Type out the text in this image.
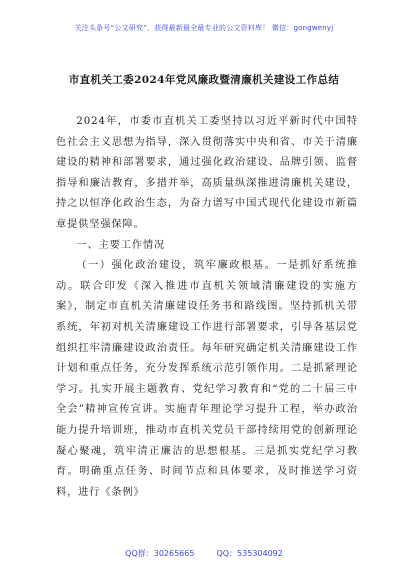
关注头条号“公文研究”，获得最新最全最专业的公文资料库！ 微信：gongwenyj
市直机关工委2024年党风廉政暨清廉机关建设工作总结

2024年，市委市直机关工委坚持以习近平新时代中国特色社会主义思想为指导，深入贯彻落实中央和省、市关于清廉建设的精神和部署要求，通过强化政治建设、品牌引领、监督指导和廉洁教育，多措并举，高质量纵深推进清廉机关建设，持之以恒净化政治生态，为奋力谱写中国式现代化建设市新篇章提供坚强保障。

一、主要工作情况

（一）强化政治建设，筑牢廉政根基。一是抓好系统推动。联合印发《深入推进市直机关领域清廉建设的实施方案》，制定市直机关清廉建设任务书和路线图。坚持抓机关带系统，年初对机关清廉建设工作进行部署要求，引导各基层党组织扛牢清廉建设政治责任。每年研究确定机关清廉建设工作计划和重点任务，充分发挥系统示范引领作用。二是抓紧理论学习。扎实开展主题教育、党纪学习教育和“党的二十届三中全会”精神宣传宣讲。实施青年理论学习提升工程，举办政治能力提升培训班，推动市直机关党员干部持续用党的创新理论凝心聚魂，筑牢清正廉洁的思想根基。三是抓实党纪学习教育。明确重点任务、时间节点和具体要求，及时推送学习资料，进行《条例》

QQ群：30265665	QQ：535304092
